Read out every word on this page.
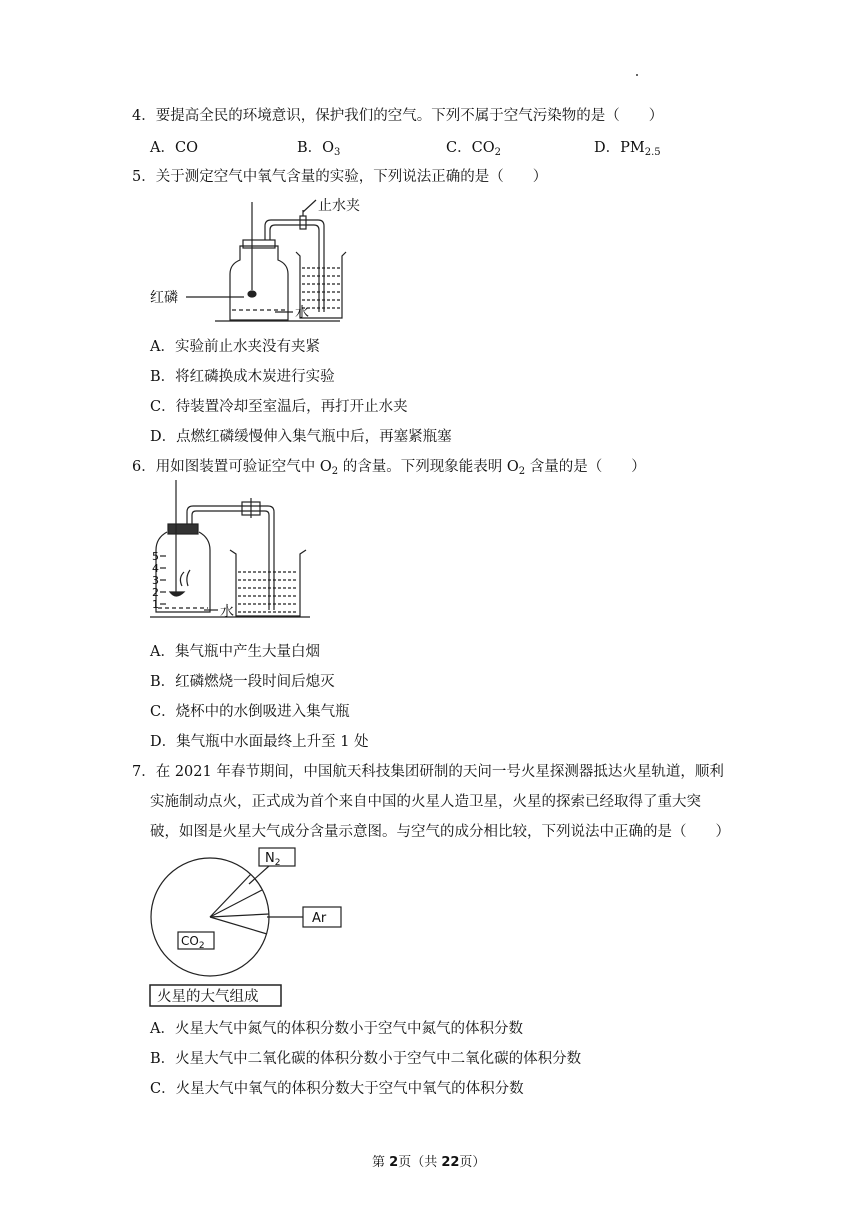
4．要提高全民的环境意识，保护我们的空气。下列不属于空气污染物的是（　　）
A．CO	B．$O_3$	C．$CO_2$	D．$PM_{2.5}$
5．关于测定空气中氧气含量的实验，下列说法正确的是（　　）
止水夹
红磷
水
A．实验前止水夹没有夹紧
B．将红磷换成木炭进行实验
C．待装置冷却至室温后，再打开止水夹
D．点燃红磷缓慢伸入集气瓶中后，再塞紧瓶塞
6．用如图装置可验证空气中 $O_2$ 的含量。下列现象能表明 $O_2$ 含量的是（　　）
5
4
3
2
1	水
A．集气瓶中产生大量白烟
B．红磷燃烧一段时间后熄灭
C．烧杯中的水倒吸进入集气瓶
D．集气瓶中水面最终上升至 1 处
7．在 2021 年春节期间，中国航天科技集团研制的天问一号火星探测器抵达火星轨道，顺利
实施制动点火，正式成为首个来自中国的火星人造卫星，火星的探索已经取得了重大突
破，如图是火星大气成分含量示意图。与空气的成分相比较，下列说法中正确的是（　　）
$N_2$
Ar
$CO_2$
火星的大气组成
A．火星大气中氮气的体积分数小于空气中氮气的体积分数
B．火星大气中二氧化碳的体积分数小于空气中二氧化碳的体积分数
C．火星大气中氧气的体积分数大于空气中氧气的体积分数
第 2页（共 22页）
